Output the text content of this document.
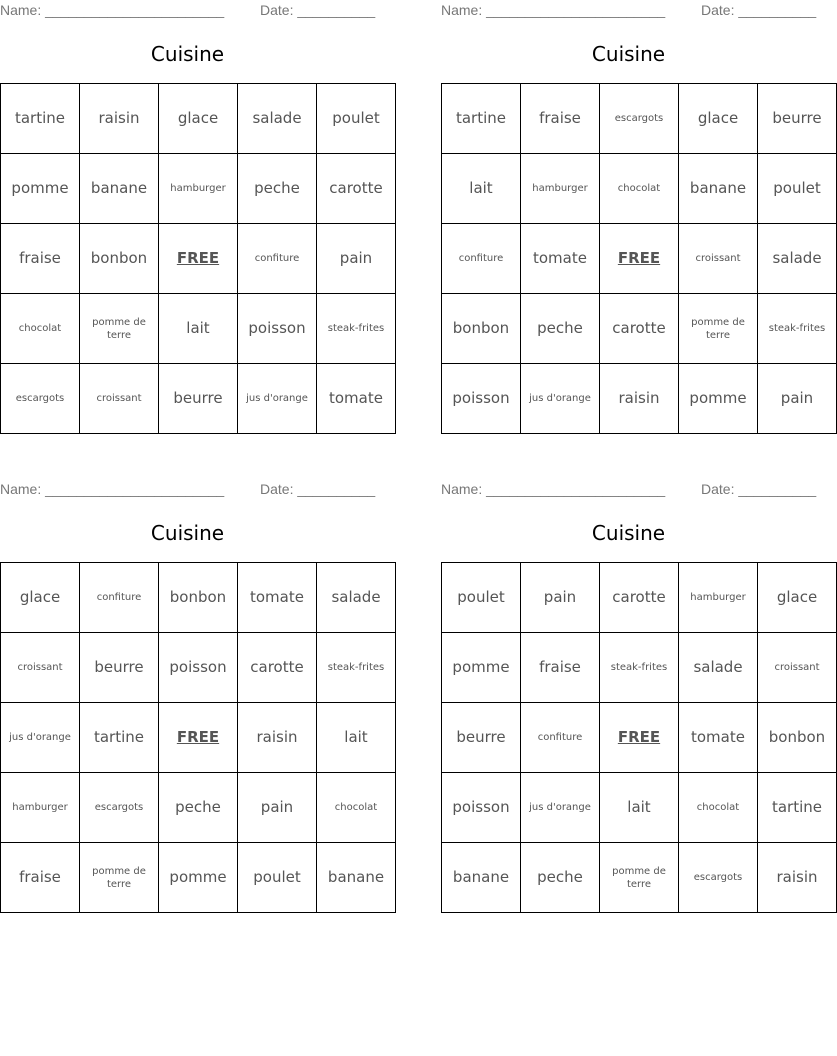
Name: _______________________	Date: __________
Cuisine
tartine	raisin	glace	salade	poulet
pomme	banane	hamburger	peche	carotte
fraise	bonbon	FREE	confiture	pain
chocolat	pomme de terre	lait	poisson	steak-frites
escargots	croissant	beurre	jus d'orange	tomate
Name: _______________________	Date: __________
Cuisine
tartine	fraise	escargots	glace	beurre
lait	hamburger	chocolat	banane	poulet
confiture	tomate	FREE	croissant	salade
bonbon	peche	carotte	pomme de terre	steak-frites
poisson	jus d'orange	raisin	pomme	pain
Name: _______________________	Date: __________
Cuisine
glace	confiture	bonbon	tomate	salade
croissant	beurre	poisson	carotte	steak-frites
jus d'orange	tartine	FREE	raisin	lait
hamburger	escargots	peche	pain	chocolat
fraise	pomme de terre	pomme	poulet	banane
Name: _______________________	Date: __________
Cuisine
poulet	pain	carotte	hamburger	glace
pomme	fraise	steak-frites	salade	croissant
beurre	confiture	FREE	tomate	bonbon
poisson	jus d'orange	lait	chocolat	tartine
banane	peche	pomme de terre	escargots	raisin
